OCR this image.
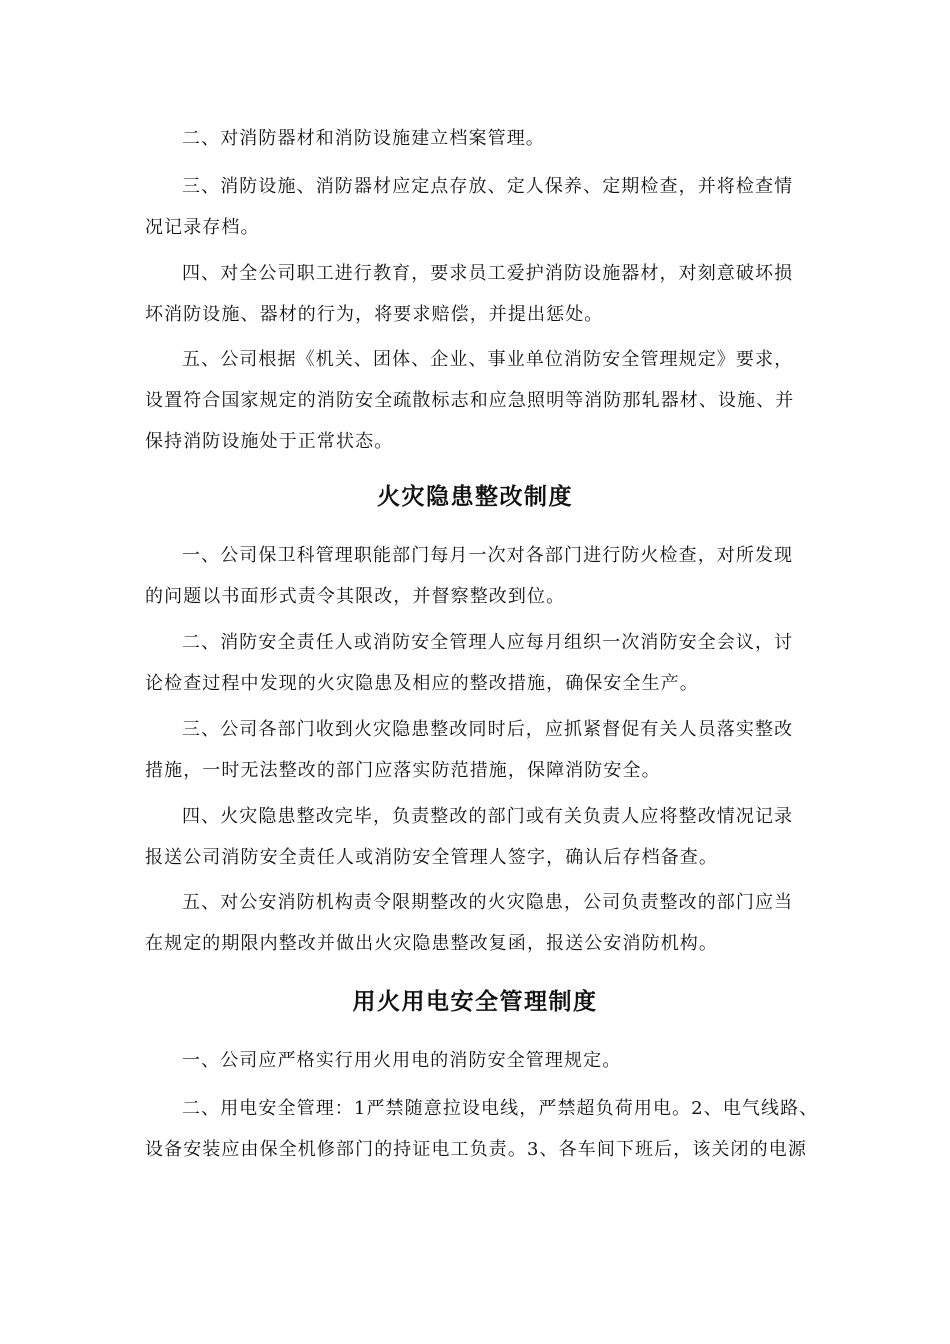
二、对消防器材和消防设施建立档案管理。

三、消防设施、消防器材应定点存放、定人保养、定期检查，并将检查情
况记录存档。

四、对全公司职工进行教育，要求员工爱护消防设施器材，对刻意破坏损
坏消防设施、器材的行为，将要求赔偿，并提出惩处。

五、公司根据《机关、团体、企业、事业单位消防安全管理规定》要求，
设置符合国家规定的消防安全疏散标志和应急照明等消防那轧器材、设施、并
保持消防设施处于正常状态。

火灾隐患整改制度

一、公司保卫科管理职能部门每月一次对各部门进行防火检查，对所发现
的问题以书面形式责令其限改，并督察整改到位。

二、消防安全责任人或消防安全管理人应每月组织一次消防安全会议，讨
论检查过程中发现的火灾隐患及相应的整改措施，确保安全生产。

三、公司各部门收到火灾隐患整改同时后，应抓紧督促有关人员落实整改
措施，一时无法整改的部门应落实防范措施，保障消防安全。

四、火灾隐患整改完毕，负责整改的部门或有关负责人应将整改情况记录
报送公司消防安全责任人或消防安全管理人签字，确认后存档备查。

五、对公安消防机构责令限期整改的火灾隐患，公司负责整改的部门应当
在规定的期限内整改并做出火灾隐患整改复函，报送公安消防机构。

用火用电安全管理制度

一、公司应严格实行用火用电的消防安全管理规定。

二、用电安全管理：1严禁随意拉设电线，严禁超负荷用电。2、电气线路、
设备安装应由保全机修部门的持证电工负责。3、各车间下班后，该关闭的电源
